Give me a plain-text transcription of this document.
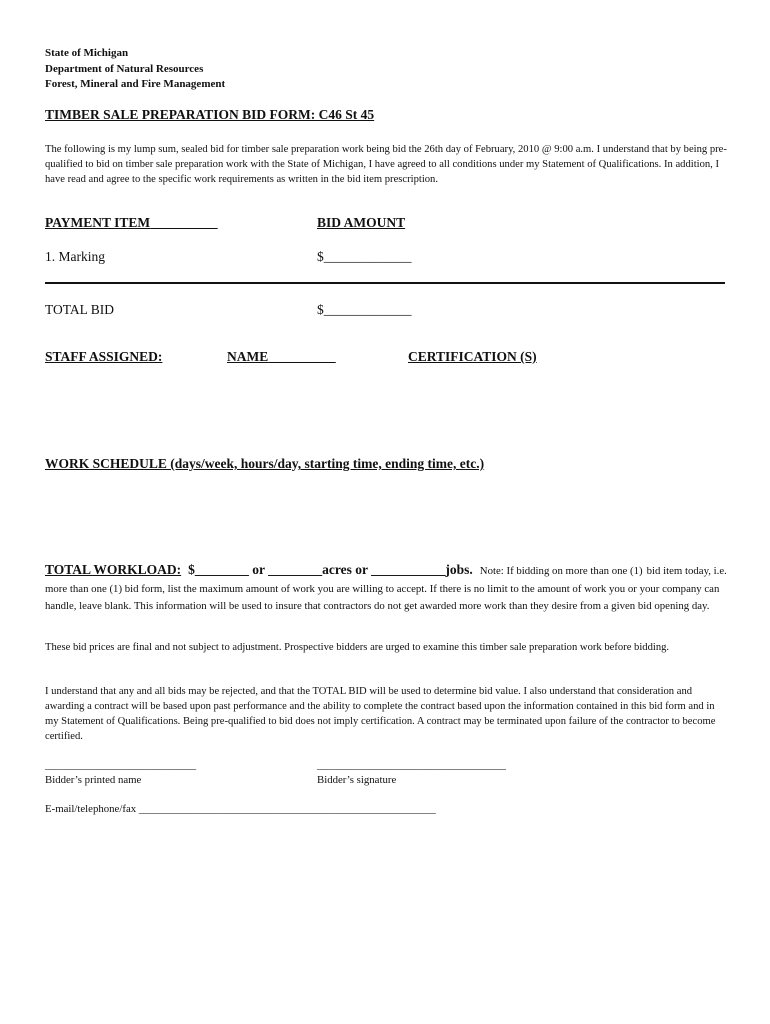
State of Michigan
Department of Natural Resources
Forest, Mineral and Fire Management
TIMBER SALE PREPARATION BID FORM: C46 St 45
The following is my lump sum, sealed bid for timber sale preparation work being bid the 26th day of February, 2010 @ 9:00 a.m. I understand that by being pre-qualified to bid on timber sale preparation work with the State of Michigan, I have agreed to all conditions under my Statement of Qualifications. In addition, I have read and agree to the specific work requirements as written in the bid item prescription.
PAYMENT ITEM	BID AMOUNT
1. Marking	$_____________
TOTAL BID	$_____________
STAFF ASSIGNED:	NAME	CERTIFICATION (S)
WORK SCHEDULE (days/week, hours/day, starting time, ending time, etc.)
TOTAL WORKLOAD: $________ or ________acres or ___________jobs. Note: If bidding on more than one (1) bid item today, i.e. more than one (1) bid form, list the maximum amount of work you are willing to accept. If there is no limit to the amount of work you or your company can handle, leave blank. This information will be used to insure that contractors do not get awarded more work than they desire from a given bid opening day.
These bid prices are final and not subject to adjustment. Prospective bidders are urged to examine this timber sale preparation work before bidding.
I understand that any and all bids may be rejected, and that the TOTAL BID will be used to determine bid value. I also understand that consideration and awarding a contract will be based upon past performance and the ability to complete the contract based upon the information contained in this bid form and in my Statement of Qualifications. Being pre-qualified to bid does not imply certification. A contract may be terminated upon failure of the contractor to become certified.
____________________________	___________________________________
Bidder’s printed name	Bidder’s signature
E-mail/telephone/fax _______________________________________________________
